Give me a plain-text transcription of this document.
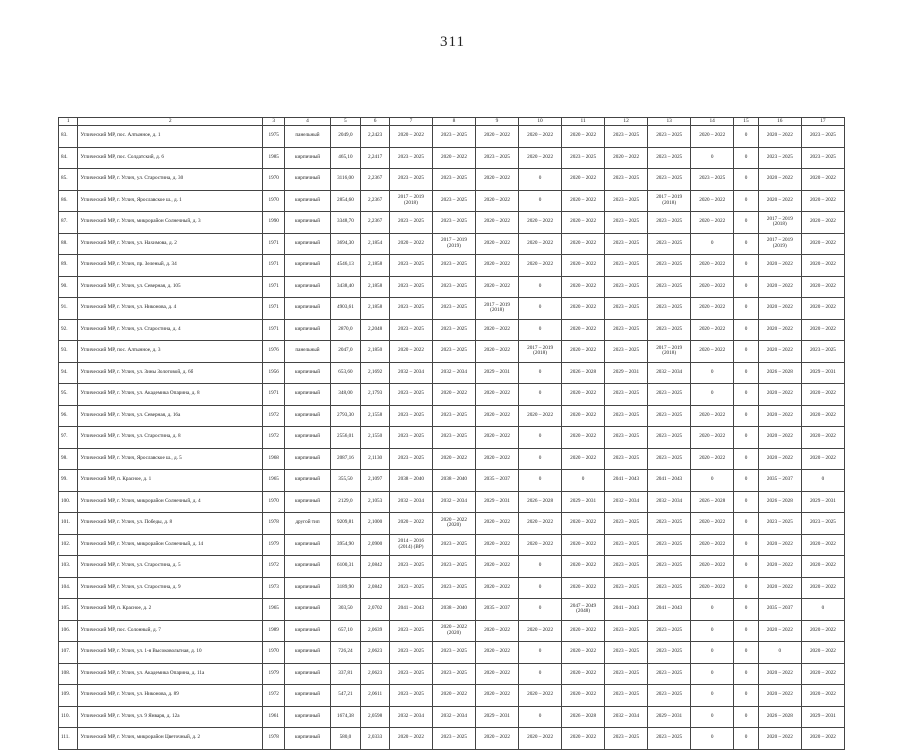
311
1	2	3	4	5	6	7	8	9	10	11	12	13	14	15	16	17
83.	Углический МР, пос. Алтынное, д. 1	1975	панельный	2049,0	2,2423	2020 – 2022	2023 – 2025	2020 – 2022	2020 – 2022	2020 – 2022	2023 – 2025	2023 – 2025	2020 – 2022	0	2020 – 2022	2023 – 2025
84.	Углический МР, пос. Солдатский, д. 6	1985	кирпичный	465,10	2,2417	2023 – 2025	2020 – 2022	2023 – 2025	2020 – 2022	2023 – 2025	2020 – 2022	2023 – 2025	0	0	2023 – 2025	2023 – 2025
85.	Углический МР, г. Углич, ул. Старостина, д. 30	1970	кирпичный	3116,00	2,2367	2023 – 2025	2023 – 2025	2020 – 2022	0	2020 – 2022	2023 – 2025	2023 – 2025	2023 – 2025	0	2020 – 2022	2020 – 2022
86.	Углический МР, г. Углич, Ярославское ш., д. 1	1970	кирпичный	2854,60	2,2367	2017 – 2019 (2018)	2023 – 2025	2020 – 2022	0	2020 – 2022	2023 – 2025	2017 – 2019 (2018)	2020 – 2022	0	2020 – 2022	2020 – 2022
87.	Углический МР, г. Углич, микрорайон Солнечный, д. 3	1990	кирпичный	3348,70	2,2367	2023 – 2025	2023 – 2025	2020 – 2022	2020 – 2022	2020 – 2022	2023 – 2025	2023 – 2025	2020 – 2022	0	2017 – 2019 (2018)	2020 – 2022
88.	Углический МР, г. Углич, ул. Нахимова, д. 2	1971	кирпичный	3694,30	2,1854	2020 – 2022	2017 – 2019 (2019)	2020 – 2022	2020 – 2022	2020 – 2022	2023 – 2025	2023 – 2025	0	0	2017 – 2019 (2019)	2020 – 2022
89.	Углический МР, г. Углич, пр. Зеленый, д. 34	1971	кирпичный	4546,13	2,1858	2023 – 2025	2023 – 2025	2020 – 2022	2020 – 2022	2020 – 2022	2023 – 2025	2023 – 2025	2020 – 2022	0	2020 – 2022	2020 – 2022
90.	Углический МР, г. Углич, ул. Северная, д. 105	1971	кирпичный	3438,40	2,1858	2023 – 2025	2023 – 2025	2020 – 2022	0	2020 – 2022	2023 – 2025	2023 – 2025	2020 – 2022	0	2020 – 2022	2020 – 2022
91.	Углический МР, г. Углич, ул. Никонова, д. 4	1971	кирпичный	4903,61	2,1858	2023 – 2025	2023 – 2025	2017 – 2019 (2018)	0	2020 – 2022	2023 – 2025	2023 – 2025	2020 – 2022	0	2020 – 2022	2020 – 2022
92.	Углический МР, г. Углич, ул. Старостина, д. 4	1971	кирпичный	2870,0	2,2048	2023 – 2025	2023 – 2025	2020 – 2022	0	2020 – 2022	2023 – 2025	2023 – 2025	2020 – 2022	0	2020 – 2022	2020 – 2022
93.	Углический МР, пос. Алтынное, д. 3	1976	панельный	2047,0	2,1850	2020 – 2022	2023 – 2025	2020 – 2022	2017 – 2019 (2018)	2020 – 2022	2023 – 2025	2017 – 2019 (2018)	2020 – 2022	0	2020 – 2022	2023 – 2025
94.	Углический МР, г. Углич, ул. Зины Золотовой, д. 6б	1956	кирпичный	653,60	2,1692	2032 – 2034	2032 – 2034	2029 – 2031	0	2026 – 2028	2029 – 2031	2032 – 2034	0	0	2026 – 2028	2029 – 2031
95.	Углический МР, г. Углич, ул. Академика Опарина, д. 8	1971	кирпичный	348,00	2,1793	2023 – 2025	2020 – 2022	2020 – 2022	0	2020 – 2022	2023 – 2025	2023 – 2025	0	0	2020 – 2022	2020 – 2022
96.	Углический МР, г. Углич, ул. Северная, д. 16а	1972	кирпичный	2793,30	2,1558	2023 – 2025	2023 – 2025	2020 – 2022	2020 – 2022	2020 – 2022	2023 – 2025	2023 – 2025	2020 – 2022	0	2020 – 2022	2020 – 2022
97.	Углический МР, г. Углич, ул. Старостина, д. 8	1972	кирпичный	2556,01	2,1550	2023 – 2025	2023 – 2025	2020 – 2022	0	2020 – 2022	2023 – 2025	2023 – 2025	2020 – 2022	0	2020 – 2022	2020 – 2022
98.	Углический МР, г. Углич, Ярославское ш., д. 5	1968	кирпичный	2087,16	2,1130	2023 – 2025	2020 – 2022	2020 – 2022	0	2020 – 2022	2023 – 2025	2023 – 2025	2020 – 2022	0	2020 – 2022	2020 – 2022
99.	Углический МР, п. Красное, д. 1	1965	кирпичный	355,50	2,1097	2038 – 2040	2038 – 2040	2035 – 2037	0	0	2041 – 2043	2041 – 2043	0	0	2035 – 2037	0
100.	Углический МР, г. Углич, микрорайон Солнечный, д. 4	1970	кирпичный	2129,0	2,1053	2032 – 2034	2032 – 2034	2029 – 2031	2026 – 2028	2029 – 2031	2032 – 2034	2032 – 2034	2026 – 2028	0	2026 – 2028	2029 – 2031
101.	Углический МР, г. Углич, ул. Победы, д. 8	1978	другой тип	9209,81	2,1000	2020 – 2022	2020 – 2022 (2020)	2020 – 2022	2020 – 2022	2020 – 2022	2023 – 2025	2023 – 2025	2020 – 2022	0	2023 – 2025	2023 – 2025
102.	Углический МР, г. Углич, микрорайон Солнечный, д. 14	1979	кирпичный	3954,90	2,0900	2014 – 2016 (2014) (ВР)	2023 – 2025	2020 – 2022	2020 – 2022	2020 – 2022	2023 – 2025	2023 – 2025	2020 – 2022	0	2020 – 2022	2020 – 2022
103.	Углический МР, г. Углич, ул. Старостина, д. 5	1972	кирпичный	6100,31	2,0842	2023 – 2025	2023 – 2025	2020 – 2022	0	2020 – 2022	2023 – 2025	2023 – 2025	2020 – 2022	0	2020 – 2022	2020 – 2022
104.	Углический МР, г. Углич, ул. Старостина, д. 9	1973	кирпичный	3189,90	2,0842	2023 – 2025	2023 – 2025	2020 – 2022	0	2020 – 2022	2023 – 2025	2023 – 2025	2020 – 2022	0	2020 – 2022	2020 – 2022
105.	Углический МР, п. Красное, д. 2	1965	кирпичный	303,50	2,0702	2041 – 2043	2038 – 2040	2035 – 2037	0	2047 – 2049 (2048)	2041 – 2043	2041 – 2043	0	0	2035 – 2037	0
106.	Углический МР, пос. Солонный, д. 7	1989	кирпичный	657,10	2,0639	2023 – 2025	2020 – 2022 (2020)	2020 – 2022	2020 – 2022	2020 – 2022	2023 – 2025	2023 – 2025	0	0	2020 – 2022	2020 – 2022
107.	Углический МР, г. Углич, ул. 1-я Высоковольтная, д. 10	1970	кирпичный	726,24	2,0623	2023 – 2025	2023 – 2025	2020 – 2022	0	2020 – 2022	2023 – 2025	2023 – 2025	0	0	0	2020 – 2022
108.	Углический МР, г. Углич, ул. Академика Опарина, д. 11а	1979	кирпичный	337,81	2,0623	2023 – 2025	2023 – 2025	2020 – 2022	0	2020 – 2022	2023 – 2025	2023 – 2025	0	0	2020 – 2022	2020 – 2022
109.	Углический МР, г. Углич, ул. Никонова, д. 89	1972	кирпичный	547,21	2,0611	2023 – 2025	2020 – 2022	2020 – 2022	2020 – 2022	2020 – 2022	2023 – 2025	2023 – 2025	0	0	2020 – 2022	2020 – 2022
110.	Углический МР, г. Углич, ул. 9 Января, д. 12а	1961	кирпичный	1674,38	2,0598	2032 – 2034	2032 – 2034	2029 – 2031	0	2026 – 2028	2032 – 2034	2029 – 2031	0	0	2026 – 2028	2029 – 2031
111.	Углический МР, г. Углич, микрорайон Цветочный, д. 2	1978	кирпичный	580,0	2,0333	2020 – 2022	2023 – 2025	2020 – 2022	2020 – 2022	2020 – 2022	2023 – 2025	2023 – 2025	0	0	2020 – 2022	2020 – 2022
